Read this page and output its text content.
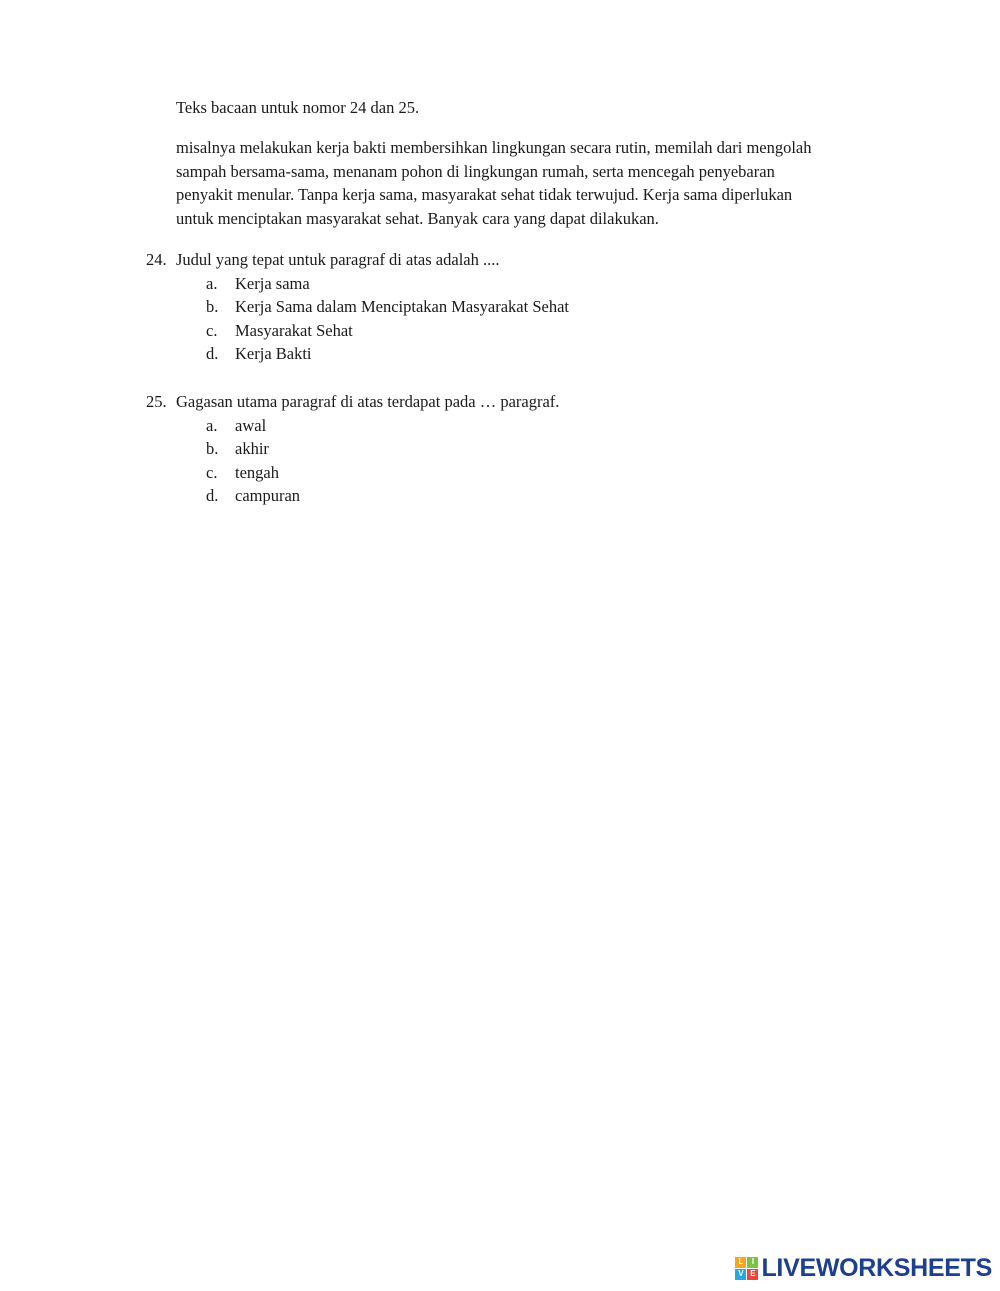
Teks bacaan untuk nomor 24 dan 25.
misalnya melakukan kerja bakti membersihkan lingkungan secara rutin, memilah dari mengolah
sampah bersama-sama, menanam pohon di lingkungan rumah, serta mencegah penyebaran
penyakit menular. Tanpa kerja sama, masyarakat sehat tidak terwujud. Kerja sama diperlukan
untuk menciptakan masyarakat sehat. Banyak cara yang dapat dilakukan.
24. Judul yang tepat untuk paragraf di atas adalah ....
a. Kerja sama
b. Kerja Sama dalam Menciptakan Masyarakat Sehat
c. Masyarakat Sehat
d. Kerja Bakti
25. Gagasan utama paragraf di atas terdapat pada … paragraf.
a. awal
b. akhir
c. tengah
d. campuran
L	I
V E LIVEWORKSHEETS
